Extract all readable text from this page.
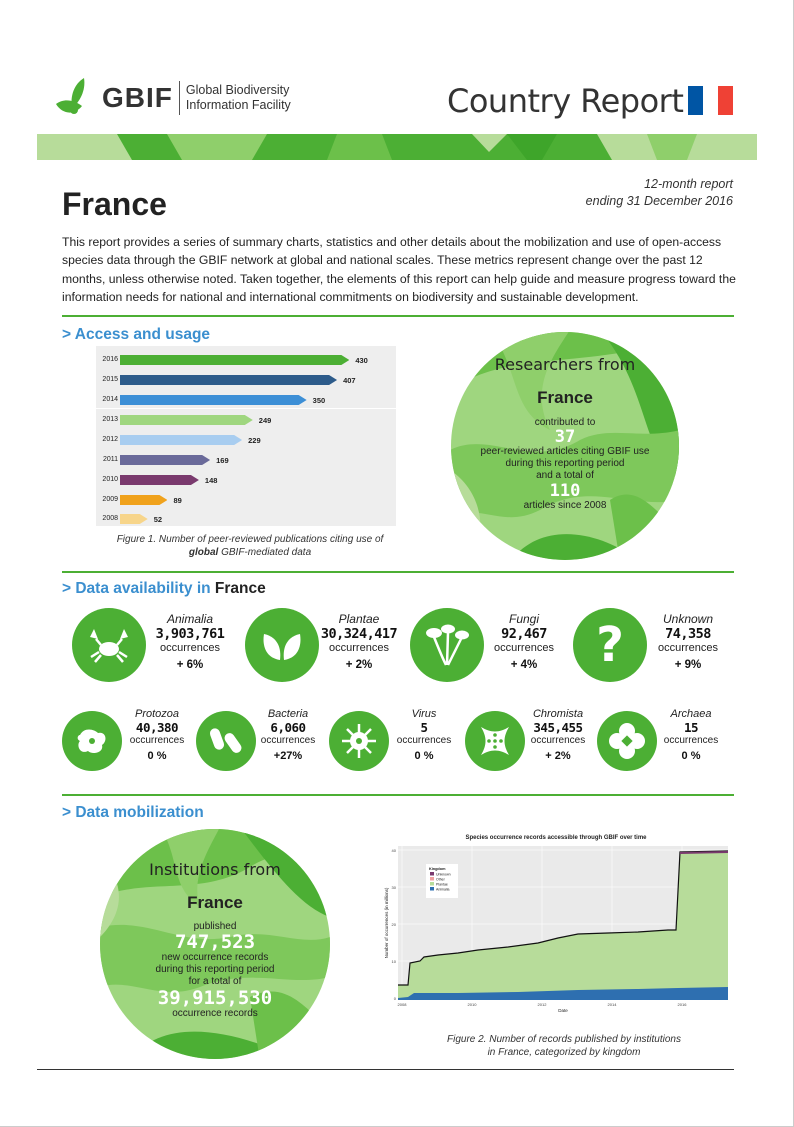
GBIF Global Biodiversity
Information Facility	Country Report
France
12-month report
ending 31 December 2016

This report provides a series of summary charts, statistics and other details about the mobilization and use of open-access species data through the GBIF network at global and national scales. These metrics represent change over the past 12 months, unless otherwise noted. Taken together, the elements of this report can help guide and measure progress toward the information needs for national and international commitments on biodiversity and sustainable development.

> Access and usage
2016	430
2015	407
2014	350
2013	249
2012	229
2011	169
2010	148
2009	89
2008	52
Figure 1. Number of peer-reviewed publications citing use of
global GBIF-mediated data
Researchers from
France
contributed to
37
peer-reviewed articles citing GBIF use
during this reporting period
and a total of
110
articles since 2008
> Data availability in France
Animalia
3,903,761
occurrences
+ 6%
Plantae
30,324,417
occurrences
+ 2%
Fungi
92,467
occurrences
+ 4%	?	Unknown
74,358
occurrences
+ 9%
Protozoa
40,380
occurrences
0 %
Bacteria
6,060
occurrences
+27%
Virus
5
occurrences
0 %
Chromista
345,455
occurrences
+ 2%
Archaea
15
occurrences
0 %
> Data mobilization
Institutions from
France
published
747,523
new occurrence records
during this reporting period
for a total of
39,915,530
occurrence records
Species occurrence records accessible through GBIF over time
0
10
20
30
40
2008	2010	2012	2014	2016
Date
Number of occurrences (in millions)
Kingdom
Unknown
Other
Plantae
Animalia
Figure 2. Number of records published by institutions
in France, categorized by kingdom
